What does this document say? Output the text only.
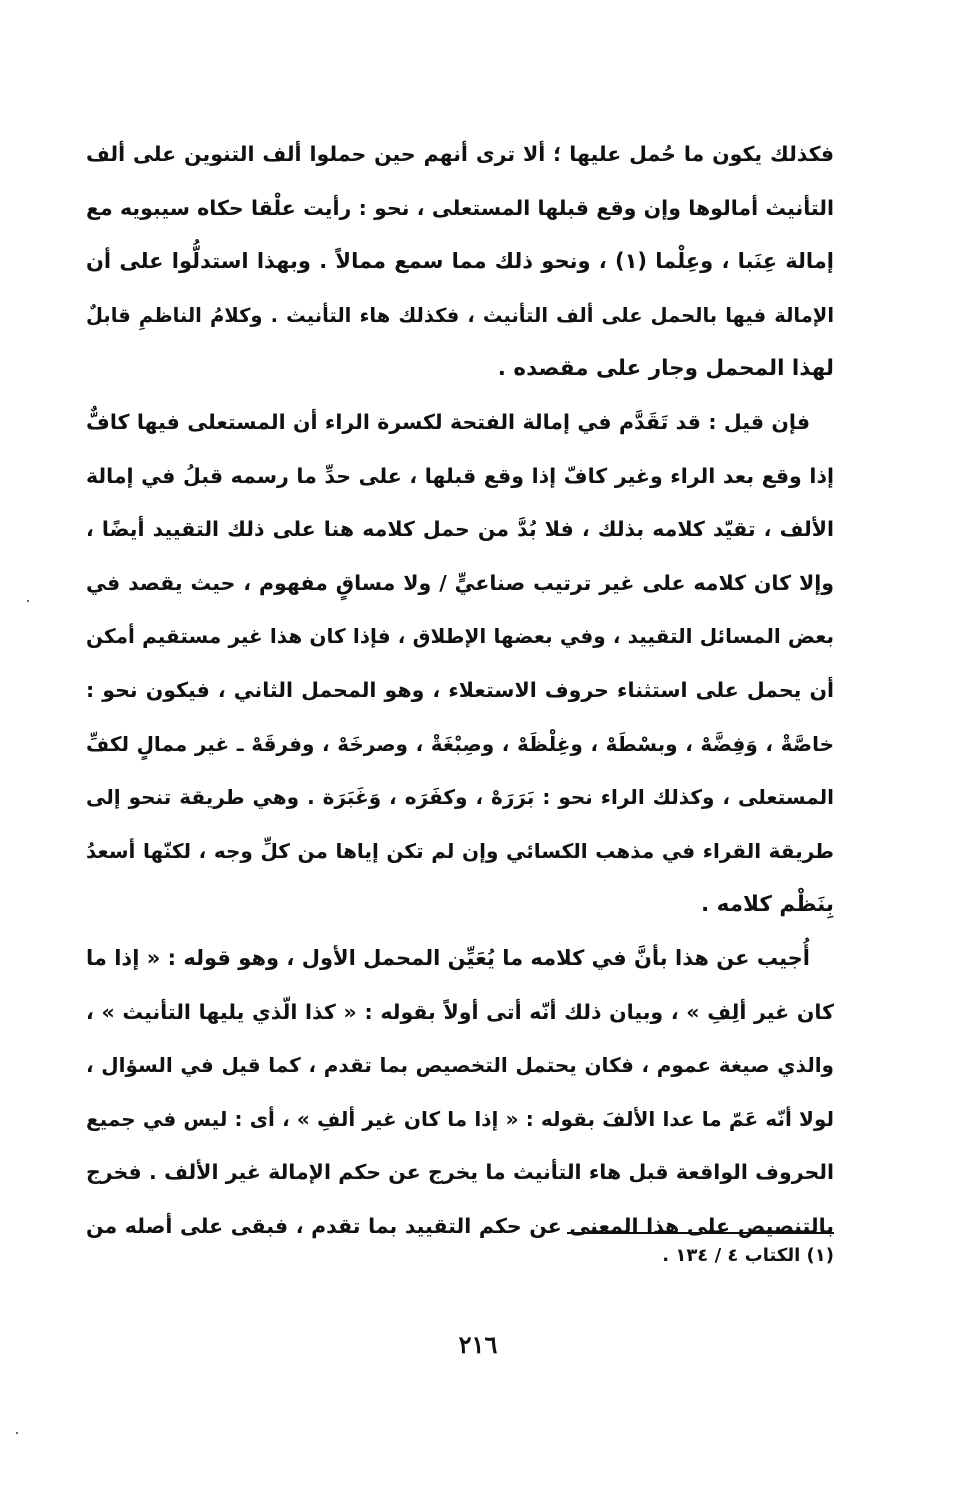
فكذلك يكون ما حُمل عليها ؛ ألا ترى أنهم حين حملوا ألف التنوين على ألف
التأنيث أمالوها وإن وقع قبلها المستعلى ، نحو : رأيت علْقا حكاه سيبويه مع
إمالة عِنَبا ، وعِلْما (١) ، ونحو ذلك مما سمع ممالاً . وبهذا استدلُّوا على أن
الإمالة فيها بالحمل على ألف التأنيث ، فكذلك هاء التأنيث . وكلامُ الناظمِ قابلٌ
لهذا المحمل وجار على مقصده .
فإن قيل : قد تَقَدَّم في إمالة الفتحة لكسرة الراء أن المستعلى فيها كافٌّ
إذا وقع بعد الراء وغير كافّ إذا وقع قبلها ، على حدِّ ما رسمه قبلُ في إمالة
الألف ، تقيّد كلامه بذلك ، فلا بُدَّ من حمل كلامه هنا على ذلك التقييد أيضًا ،
وإلا كان كلامه على غير ترتيب صناعيٍّ / ولا مساقٍ مفهوم ، حيث يقصد في
بعض المسائل التقييد ، وفي بعضها الإطلاق ، فإذا كان هذا غير مستقيم أمكن
أن يحمل على استثناء حروف الاستعلاء ، وهو المحمل الثاني ، فيكون نحو :
خاصَّةْ ، وَفِضَّهْ ، وبسْطَهْ ، وغِلْظَهْ ، وصِبْغَةْ ، وصرخَهْ ، وفرقَهْ ـ غير ممالٍ لكفِّ
المستعلى ، وكذلك الراء نحو : بَرَرَهْ ، وكفَرَه ، وَغَبَرَة . وهي طريقة تنحو إلى
طريقة القراء في مذهب الكسائي وإن لم تكن إياها من كلِّ وجه ، لكنّها أسعدُ
بِنَظْم كلامه .
أُجيب عن هذا بأنَّ في كلامه ما يُعَيِّن المحمل الأول ، وهو قوله : « إذا ما
كان غير ألِفِ » ، وبيان ذلك أنّه أتى أولاً بقوله : « كذا الّذي يليها التأنيث » ،
والذي صيغة عموم ، فكان يحتمل التخصيص بما تقدم ، كما قيل في السؤال ،
لولا أنّه عَمّ ما عدا الألفَ بقوله : « إذا ما كان غير ألفِ » ، أى : ليس في جميع
الحروف الواقعة قبل هاء التأنيث ما يخرج عن حكم الإمالة غير الألف . فخرج
بالتنصيص على هذا المعنى عن حكم التقييد بما تقدم ، فبقى على أصله من
(١) الكتاب ٤ / ١٣٤ .
٢١٦
